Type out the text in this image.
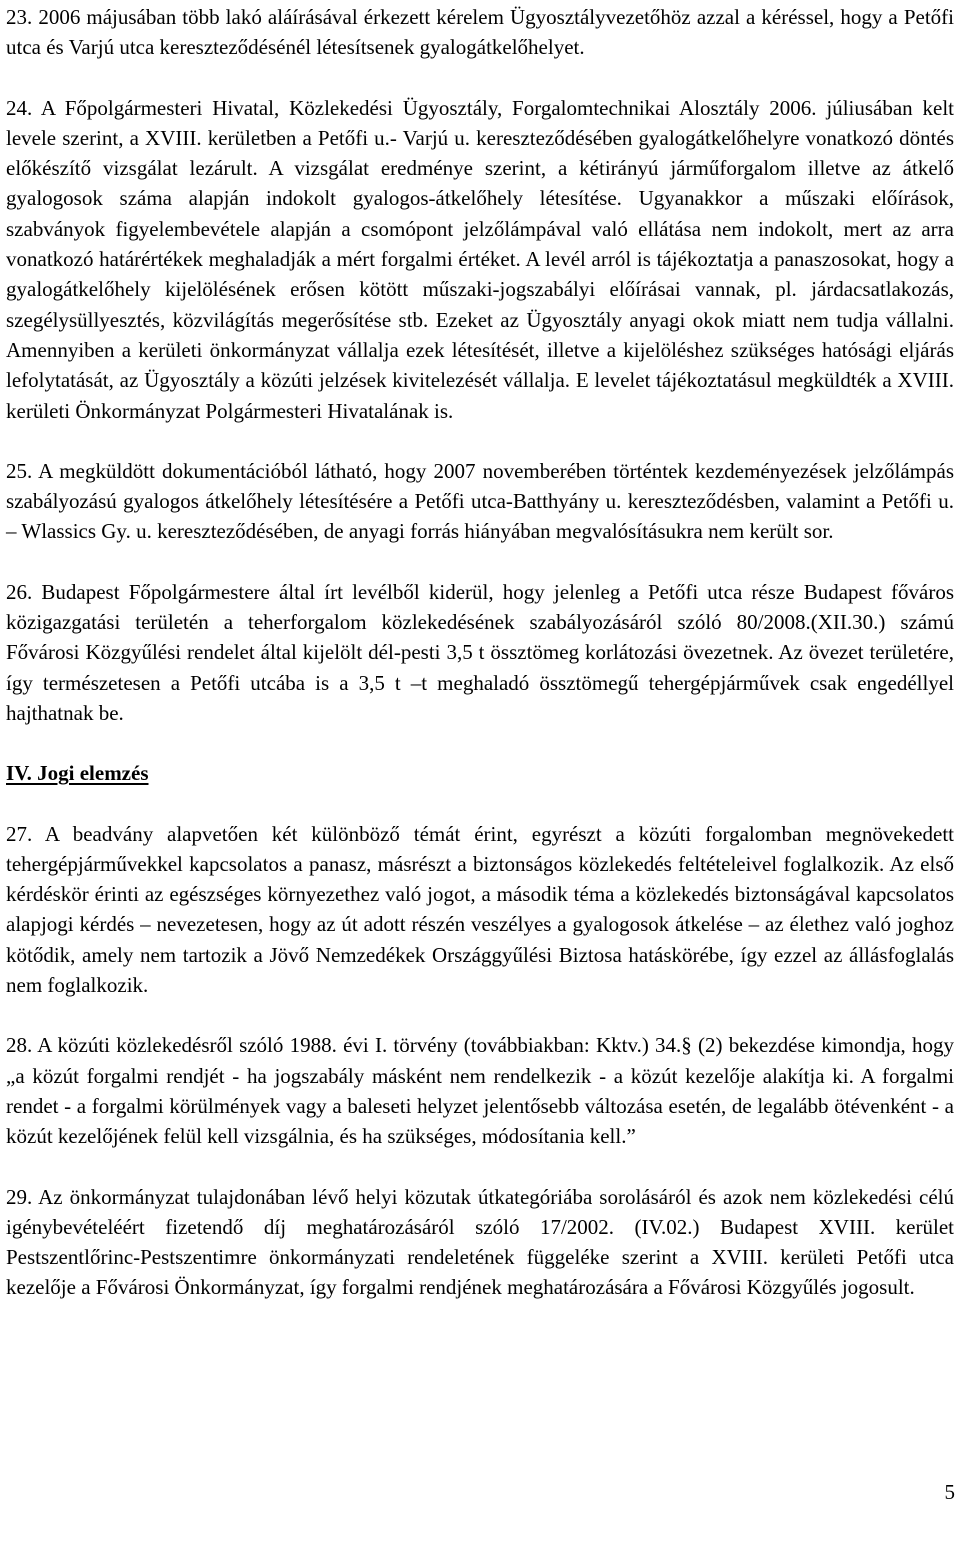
23. 2006 májusában több lakó aláírásával érkezett kérelem Ügyosztályvezetőhöz azzal a kéréssel, hogy a Petőfi utca és Varjú utca kereszteződésénél létesítsenek gyalogátkelőhelyet.

24. A Főpolgármesteri Hivatal, Közlekedési Ügyosztály, Forgalomtechnikai Alosztály 2006. júliusában kelt levele szerint, a XVIII. kerületben a Petőfi u.- Varjú u. kereszteződésében gyalogátkelőhelyre vonatkozó döntés előkészítő vizsgálat lezárult. A vizsgálat eredménye szerint, a kétirányú járműforgalom illetve az átkelő gyalogosok száma alapján indokolt gyalogos-átkelőhely létesítése. Ugyanakkor a műszaki előírások, szabványok figyelembevétele alapján a csomópont jelzőlámpával való ellátása nem indokolt, mert az arra vonatkozó határértékek meghaladják a mért forgalmi értéket. A levél arról is tájékoztatja a panaszosokat, hogy a gyalogátkelőhely kijelölésének erősen kötött műszaki-jogszabályi előírásai vannak, pl. járdacsatlakozás, szegélysüllyesztés, közvilágítás megerősítése stb. Ezeket az Ügyosztály anyagi okok miatt nem tudja vállalni. Amennyiben a kerületi önkormányzat vállalja ezek létesítését, illetve a kijelöléshez szükséges hatósági eljárás lefolytatását, az Ügyosztály a közúti jelzések kivitelezését vállalja. E levelet tájékoztatásul megküldték a XVIII. kerületi Önkormányzat Polgármesteri Hivatalának is.

25. A megküldött dokumentációból látható, hogy 2007 novemberében történtek kezdeményezések jelzőlámpás szabályozású gyalogos átkelőhely létesítésére a Petőfi utca-Batthyány u. kereszteződésben, valamint a Petőfi u. – Wlassics Gy. u. kereszteződésében, de anyagi forrás hiányában megvalósításukra nem került sor.

26. Budapest Főpolgármestere által írt levélből kiderül, hogy jelenleg a Petőfi utca része Budapest főváros közigazgatási területén a teherforgalom közlekedésének szabályozásáról szóló 80/2008.(XII.30.) számú Fővárosi Közgyűlési rendelet által kijelölt dél-pesti 3,5 t össztömeg korlátozási övezetnek. Az övezet területére, így természetesen a Petőfi utcába is a 3,5 t –t meghaladó össztömegű tehergépjárművek csak engedéllyel hajthatnak be.

IV. Jogi elemzés

27. A beadvány alapvetően két különböző témát érint, egyrészt a közúti forgalomban megnövekedett tehergépjárművekkel kapcsolatos a panasz, másrészt a biztonságos közlekedés feltételeivel foglalkozik. Az első kérdéskör érinti az egészséges környezethez való jogot, a második téma a közlekedés biztonságával kapcsolatos alapjogi kérdés – nevezetesen, hogy az út adott részén veszélyes a gyalogosok átkelése – az élethez való joghoz kötődik, amely nem tartozik a Jövő Nemzedékek Országgyűlési Biztosa hatáskörébe, így ezzel az állásfoglalás nem foglalkozik.

28. A közúti közlekedésről szóló 1988. évi I. törvény (továbbiakban: Kktv.) 34.§ (2) bekezdése kimondja, hogy „a közút forgalmi rendjét - ha jogszabály másként nem rendelkezik - a közút kezelője alakítja ki. A forgalmi rendet - a forgalmi körülmények vagy a baleseti helyzet jelentősebb változása esetén, de legalább ötévenként - a közút kezelőjének felül kell vizsgálnia, és ha szükséges, módosítania kell.”

29. Az önkormányzat tulajdonában lévő helyi közutak útkategóriába sorolásáról és azok nem közlekedési célú igénybevételéért fizetendő díj meghatározásáról szóló 17/2002. (IV.02.) Budapest XVIII. kerület Pestszentlőrinc-Pestszentimre önkormányzati rendeletének függeléke szerint a XVIII. kerületi Petőfi utca kezelője a Fővárosi Önkormányzat, így forgalmi rendjének meghatározására a Fővárosi Közgyűlés jogosult.

5
